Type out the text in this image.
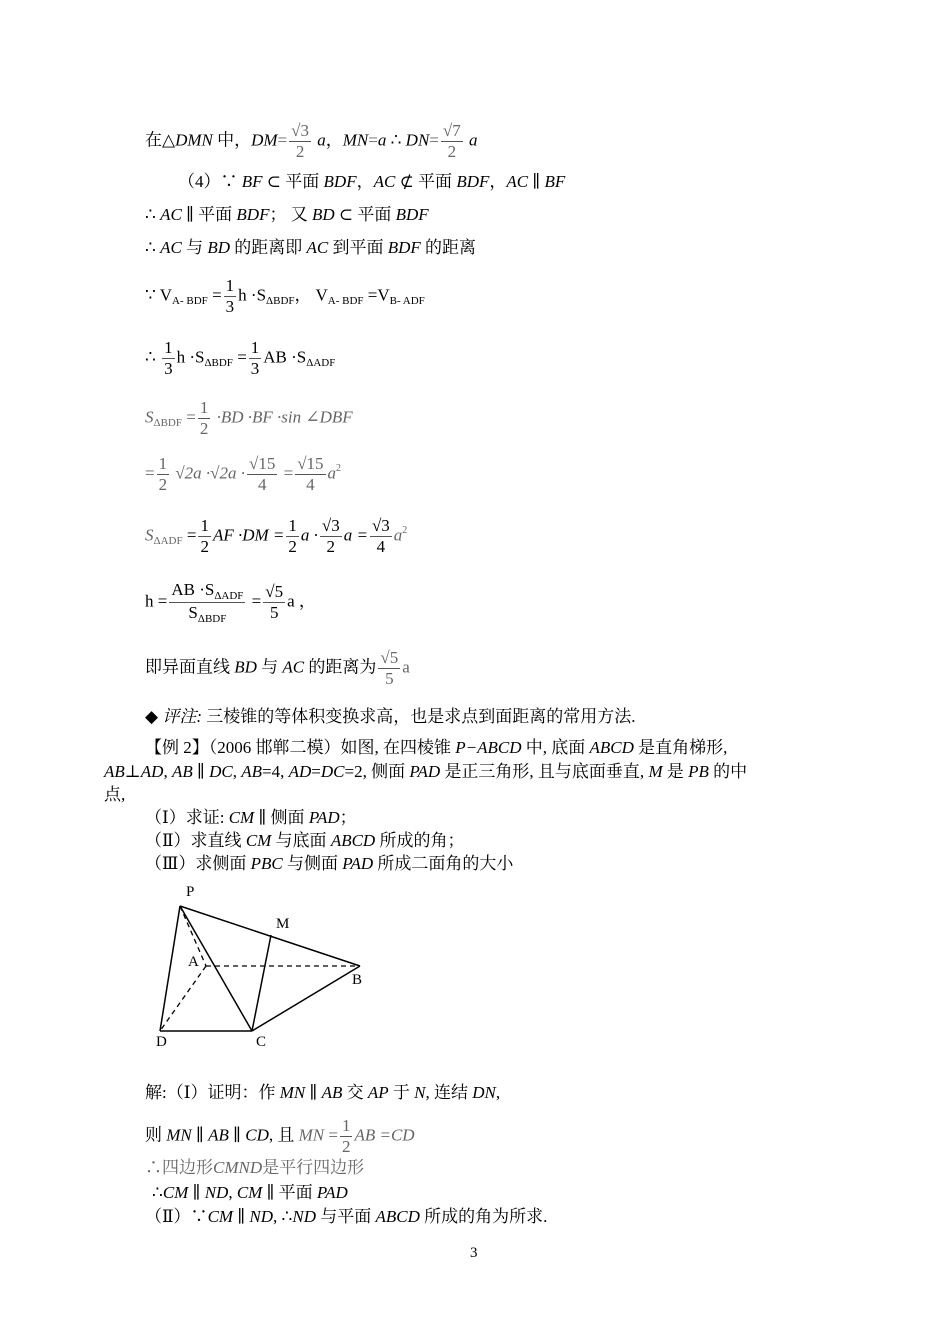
在△DMN 中，$DM= \frac{√3}{2}$ a，MN=a ∴ $DN= \frac{√7}{2}$ a
（4）∵ BF ⊂ 平面 BDF，AC ⊄ 平面 BDF，AC ∥ BF
∴ AC ∥ 平面 BDF； 又 BD ⊂ 平面 BDF
∴ AC 与 BD 的距离即 AC 到平面 BDF 的距离
∵ $V_{A- BDF} = \frac{1}{3}$ $h \cdot S_{\Delta BDF}$， $V_{A- BDF} =V_{B- ADF}$
∴ $\frac{1}{3}$ $h \cdot S_{\Delta BDF} = \frac{1}{3}$ AB $\cdot S_{\Delta ADF}$
$S_{\Delta BDF} = \frac{1}{2} \cdot BD \cdot BF \cdot\sin$ ∠DBF
= $\frac{1}{2} √2a \cdot√2a \cdot \frac{√15}{4} = \frac{√15}{4} a^2$
$S_{\Delta ADF} = \frac{1}{2}$ AF $\cdot DM = \frac{1}{2}$ $a \cdot \frac{√3}{2}$ $a = \frac{√3}{4} a^2$
$h = \frac{AB \cdot S_{\Delta ADF}}{S_{\Delta BDF}} = \frac{√5}{5}$ a ，
即异面直线 BD 与 AC 的距离为 $\frac{√5}{5}$ a
◆ 评注: 三棱锥的等体积变换求高，也是求点到面距离的常用方法.
【例 2】（2006 邯郸二模）如图, 在四棱锥 P−ABCD 中, 底面 ABCD 是直角梯形,
AB⊥AD, AB ∥ DC, AB=4, AD=DC=2, 侧面 PAD 是正三角形, 且与底面垂直, M 是 PB 的中
点,
（Ⅰ）求证: CM ∥ 侧面 PAD；
（Ⅱ）求直线 CM 与底面 ABCD 所成的角；
（Ⅲ）求侧面 PBC 与侧面 PAD 所成二面角的大小
P
M
A
B
D	C
解:（Ⅰ）证明：作 MN ∥ AB 交 AP 于 N, 连结 DN,
则 MN ∥ AB ∥ CD, 且 MN = $\frac{1}{2}$ AB =CD
∴四边形CMND是平行四边形
∴CM ∥ ND, CM ∥ 平面 PAD
（Ⅱ）∵CM ∥ ND, ∴ND 与平面 ABCD 所成的角为所求.
3
